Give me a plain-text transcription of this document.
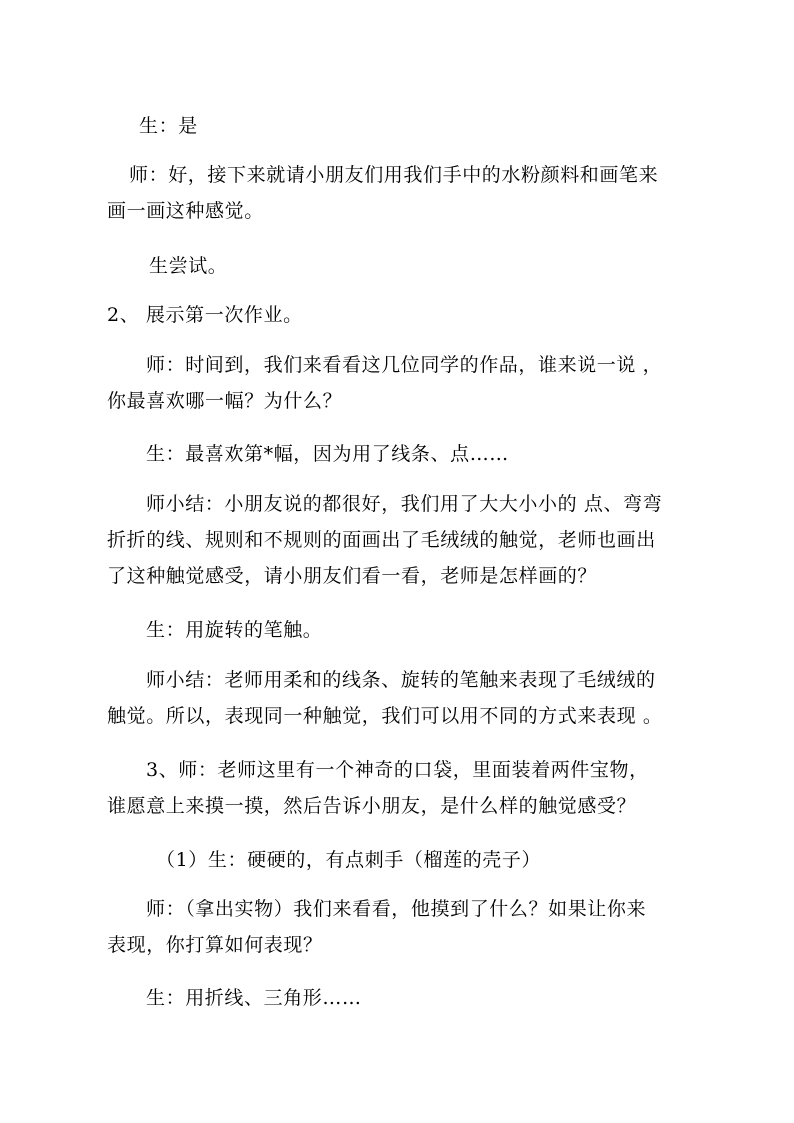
生：是
师：好，接下来就请小朋友们用我们手中的水粉颜料和画笔来
画一画这种感觉。
生尝试。
2、 展示第一次作业。
师：时间到，我们来看看这几位同学的作品，谁来说一说 ，
你最喜欢哪一幅？为什么？
生：最喜欢第*幅，因为用了线条、点……
师小结：小朋友说的都很好，我们用了大大小小的 点、弯弯
折折的线、规则和不规则的面画出了毛绒绒的触觉，老师也画出
了这种触觉感受，请小朋友们看一看，老师是怎样画的？
生：用旋转的笔触。
师小结：老师用柔和的线条、旋转的笔触来表现了毛绒绒的
触觉。所以，表现同一种触觉，我们可以用不同的方式来表现 。
3、师：老师这里有一个神奇的口袋，里面装着两件宝物，
谁愿意上来摸一摸，然后告诉小朋友，是什么样的触觉感受？
（1）生：硬硬的，有点刺手（榴莲的壳子）
师：（拿出实物）我们来看看，他摸到了什么？如果让你来
表现，你打算如何表现？
生：用折线、三角形……
